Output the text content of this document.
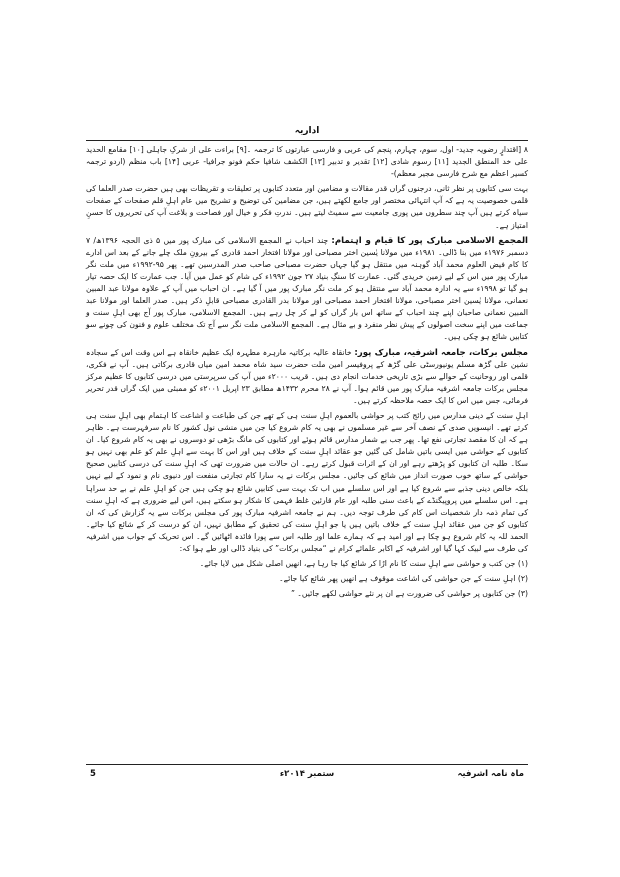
اداریہ

۸ [اقتدارٍ رضویہ جدید- اول، سوم، چہارم، پنجم کی عربی و فارسی عبارتوں کا ترجمہ ۔[۹] براءت علی از شرکِ جاہلی [۱۰] مقامع الحدید علی خد المنطق الجدید [۱۱] رسوم شادی [۱۲] تقدیر و تدبیر [۱۳] الکشف شافیا حکم فونو جرافیا- عربی [۱۴] باب منظم (اردو ترجمہ کسیر اعظم مع شرح فارسی مجیر معظم)-

بہت سی کتابوں پر نظر ثانی، درجنوں گراں قدر مقالات و مضامین اور متعدد کتابوں پر تعلیقات و تقریظات بھی ہیں حضرت صدر العلما کی قلمی خصوصیت یہ ہے کہ آپ انتہائی مختصر اور جامع لکھتے ہیں، جن مضامین کی توضیح و تشریح میں عام اہلِ قلم صفحات کے صفحات سیاہ کرتے ہیں آپ چند سطروں میں پوری جامعیت سے سمیٹ لیتے ہیں۔ ندرتِ فکر و خیال اور فصاحت و بلاغت آپ کی تحریروں کا حسنِ امتیاز ہے۔

المجمع الاسلامی مبارک پور کا قیام و اہتمام: چند احباب نے المجمع الاسلامی کی مبارک پور میں ۵ ذی الحجہ ۱۳۹۶ھ/ ۷ دسمبر ۱۹۷۶ء میں بنا ڈالی۔ ۱۹۸۱ء میں مولانا یٰسین اختر مصباحی اور مولانا افتخار احمد قادری کے بیرونِ ملک چلے جانے کے بعد اس ادارے کا کام فیض العلوم محمد آباد گوہنہ میں منتقل ہو گیا جہاں حضرت مصباحی صاحب صدر المدرسین تھے۔ پھر ۹۵-۱۹۹۲ء میں ملت نگر مبارک پور میں اس کے لیے زمین خریدی گئی۔ عمارت کا سنگِ بنیاد ۲۷ جون ۱۹۹۲ء کی شام کو عمل میں آیا۔ جب عمارت کا ایک حصہ تیار ہو گیا تو ۱۹۹۸ء سے یہ ادارہ محمد آباد سے منتقل ہو کر ملت نگر مبارک پور میں آ گیا ہے۔ ان احباب میں آپ کے علاوہ مولانا عبد المبین نعمانی، مولانا یٰسین اختر مصباحی، مولانا افتخار احمد مصباحی اور مولانا بدر القادری مصباحی قابلِ ذکر ہیں۔ صدر العلما اور مولانا عبد المبین نعمانی صاحبان اپنے چند احباب کے ساتھ اس بار گراں کو لے کر چل رہے ہیں۔ المجمع الاسلامی، مبارک پور آج بھی اہلِ سنت و جماعت میں اپنے سخت اصولوں کے پیش نظر منفرد و بے مثال ہے۔ المجمع الاسلامی ملت نگر سے آج تک مختلف علوم و فنون کی چونے سو کتابیں شائع ہو چکی ہیں۔

مجلس برکات، جامعہ اشرفیہ، مبارک پور: خانقاہ عالیہ برکاتیہ مارہرہ مطہرہ ایک عظیم خانقاہ ہے اس وقت اس کے سجادہ نشین علی گڑھ مسلم یونیورسٹی علی گڑھ کے پروفیسر امین ملت حضرت سید شاہ محمد امین میاں قادری برکاتی ہیں۔ آپ نے فکری، قلمی اور روحانیت کے حوالے سے بڑی تاریخی خدمات انجام دی ہیں۔ قریب ۲۰۰۰ء میں آپ کی سرپرستی میں درسی کتابوں کا عظیم مرکز مجلس برکات جامعہ اشرفیہ مبارک پور میں قائم ہوا۔ آپ نے ۲۸ محرم ۱۴۳۲ھ مطابق ۲۳ اپریل ۲۰۰۱ء کو ممبئی میں ایک گراں قدر تحریر فرمائی، جس میں اس کا ایک حصہ ملاحظہ کرتے ہیں۔

اہلِ سنت کے دینی مدارس میں رائج کتب پر حواشی بالعموم اہلِ سنت ہی کے تھے جن کی طباعت و اشاعت کا اہتمام بھی اہلِ سنت ہی کرتے تھے۔ انیسویں صدی کے نصف آخر سے غیر مسلموں نے بھی یہ کام شروع کیا جن میں منشی نول کشور کا نام سرفہرست ہے۔ ظاہر ہے کہ ان کا مقصد تجارتی نفع تھا۔ پھر جب بے شمار مدارس قائم ہوئے اور کتابوں کی مانگ بڑھی تو دوسروں نے بھی یہ کام شروع کیا۔ ان کتابوں کے حواشی میں ایسی باتیں شامل کی گئیں جو عقائد اہلِ سنت کے خلاف ہیں اور اس کا بہت سے اہلِ علم کو علم بھی نہیں ہو سکا۔ طلبہ ان کتابوں کو پڑھتے رہے اور ان کے اثرات قبول کرتے رہے۔ ان حالات میں ضرورت تھی کہ اہلِ سنت کی درسی کتابیں صحیح حواشی کے ساتھ خوب صورت انداز میں شائع کی جائیں۔ مجلس برکات نے یہ سارا کام تجارتی منفعت اور دنیوی نام و نمود کے لیے نہیں بلکہ خالص دینی جذبے سے شروع کیا ہے اور اس سلسلے میں اب تک بہت سی کتابیں شائع ہو چکی ہیں جن کو اہلِ علم نے بے حد سراہا ہے۔ اس سلسلے میں پروپیگنڈے کے باعث سنی طلبہ اور عام قارئین غلط فہمی کا شکار ہو سکتے ہیں، اس لیے ضروری ہے کہ اہلِ سنت کی تمام ذمہ دار شخصیات اس کام کی طرف توجہ دیں۔ ہم نے جامعہ اشرفیہ مبارک پور کی مجلس برکات سے یہ گزارش کی کہ ان کتابوں کو جن میں عقائد اہلِ سنت کے خلاف باتیں ہیں یا جو اہلِ سنت کی تحقیق کے مطابق نہیں، ان کو درست کر کے شائع کیا جائے۔ الحمد للہ یہ کام شروع ہو چکا ہے اور امید ہے کہ ہمارے علما اور طلبہ اس سے پورا فائدہ اٹھائیں گے۔ اس تحریک کے جواب میں اشرفیہ کی طرف سے لبیک کہا گیا اور اشرفیہ کے اکابر علمائے کرام نے “مجلس برکات” کی بنیاد ڈالی اور طے ہوا کہ:

(۱) جن کتب و حواشی سے اہلِ سنت کا نام اڑا کر شائع کیا جا رہا ہے، انھیں اصلی شکل میں لایا جائے۔

(۲) اہلِ سنت کے جن حواشی کی اشاعت موقوف ہے انھیں پھر شائع کیا جائے۔

(۳) جن کتابوں پر حواشی کی ضرورت ہے ان پر نئے حواشی لکھے جائیں۔ ”

5	ستمبر ۲۰۱۴ء	ماہ نامہ اشرفیہ
